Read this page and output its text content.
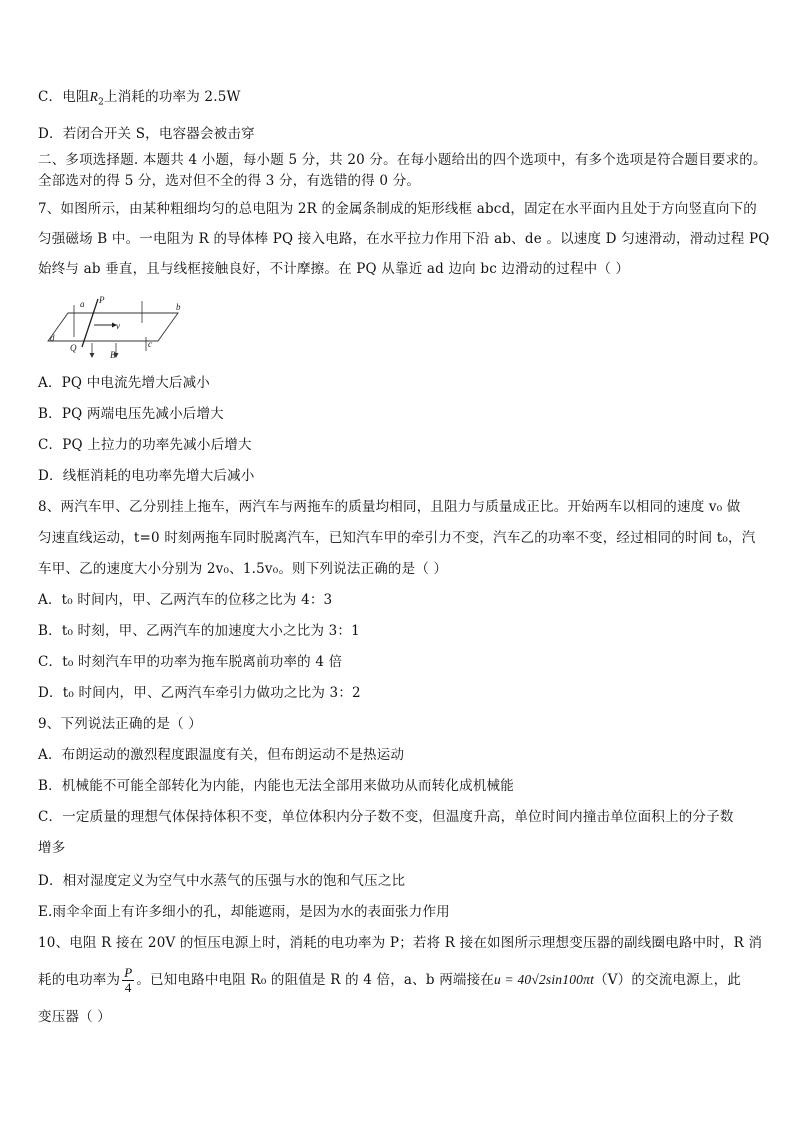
C．电阻$R_2$上消耗的功率为 2.5W
D．若闭合开关 S，电容器会被击穿
二、多项选择题. 本题共 4 小题，每小题 5 分，共 20 分。在每小题给出的四个选项中，有多个选项是符合题目要求的。
全部选对的得 5 分，选对但不全的得 3 分，有选错的得 0 分。
7、如图所示，由某种粗细均匀的总电阻为 2R 的金属条制成的矩形线框 abcd，固定在水平面内且处于方向竖直向下的
匀强磁场 B 中。一电阻为 R 的导体棒 PQ 接入电路，在水平拉力作用下沿 ab、de 。以速度 D 匀速滑动，滑动过程 PQ
始终与 ab 垂直，且与线框接触良好，不计摩擦。在 PQ 从靠近 ad 边向 bc 边滑动的过程中（ ）
a P
b
v
d
Q
B
c
A．PQ 中电流先增大后减小
B．PQ 两端电压先减小后增大
C．PQ 上拉力的功率先减小后增大
D．线框消耗的电功率先增大后减小
8、两汽车甲、乙分别挂上拖车，两汽车与两拖车的质量均相同，且阻力与质量成正比。开始两车以相同的速度 v₀ 做
匀速直线运动，t=0 时刻两拖车同时脱离汽车，已知汽车甲的牵引力不变，汽车乙的功率不变，经过相同的时间 t₀，汽
车甲、乙的速度大小分别为 2v₀、1.5v₀。则下列说法正确的是（ ）
A．t₀ 时间内，甲、乙两汽车的位移之比为 4：3
B．t₀ 时刻，甲、乙两汽车的加速度大小之比为 3：1
C．t₀ 时刻汽车甲的功率为拖车脱离前功率的 4 倍
D．t₀ 时间内，甲、乙两汽车牵引力做功之比为 3：2
9、下列说法正确的是（ ）
A．布朗运动的激烈程度跟温度有关，但布朗运动不是热运动
B．机械能不可能全部转化为内能，内能也无法全部用来做功从而转化成机械能
C．一定质量的理想气体保持体积不变，单位体积内分子数不变，但温度升高，单位时间内撞击单位面积上的分子数
增多
D．相对湿度定义为空气中水蒸气的压强与水的饱和气压之比
E.雨伞伞面上有许多细小的孔，却能遮雨，是因为水的表面张力作用
10、电阻 R 接在 20V 的恒压电源上时，消耗的电功率为 P；若将 R 接在如图所示理想变压器的副线圈电路中时，R 消
耗的电功率为 $\frac{P}{4}$ 。已知电路中电阻 R₀ 的阻值是 R 的 4 倍，a、b 两端接在u = 40√2sin100πt（V）的交流电源上，此
变压器（ ）
